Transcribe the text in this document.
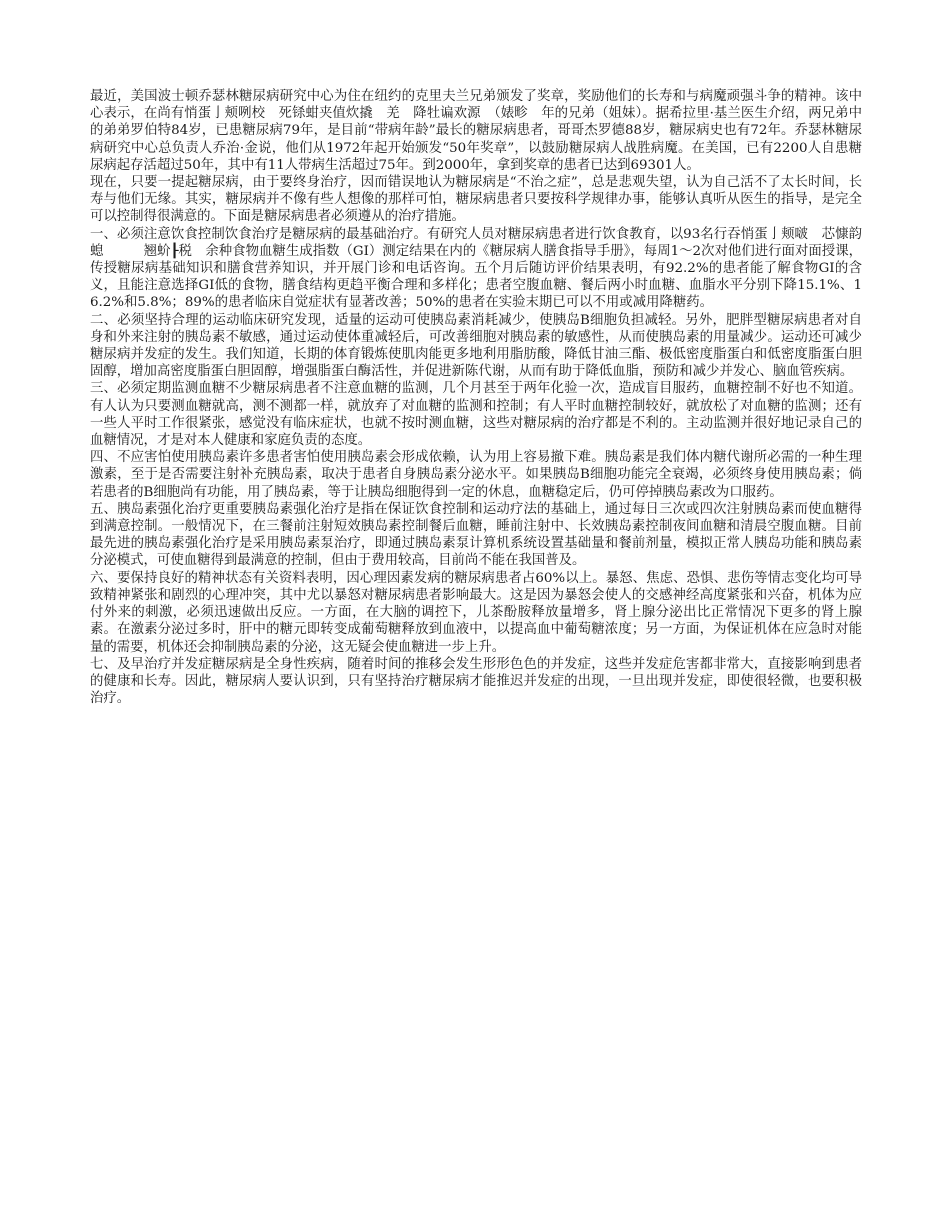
最近，美国波士顿乔瑟林糖尿病研究中心为住在纽约的克里夫兰兄弟颁发了奖章，奖励他们的长寿和与病魔顽强斗争的精神。该中心表示，在尚有悄蛋亅颊咧校　死铩蚶夹值炊撬　羌　降牡谝欢源　（婊畛　年的兄弟（姐妹）。据希拉里·基兰医生介绍，两兄弟中的弟弟罗伯特84岁，已患糖尿病79年，是目前“带病年龄”最长的糖尿病患者，哥哥杰罗德88岁，糖尿病史也有72年。乔瑟林糖尿病研究中心总负责人乔治·金说，他们从1972年起开始颁发“50年奖章”，以鼓励糖尿病人战胜病魔。在美国，已有2200人自患糖尿病起存活超过50年，其中有11人带病生活超过75年。到2000年，拿到奖章的患者已达到69301人。

现在，只要一提起糖尿病，由于要终身治疗，因而错误地认为糖尿病是“不治之症”，总是悲观失望，认为自己活不了太长时间，长寿与他们无缘。其实，糖尿病并不像有些人想像的那样可怕，糖尿病患者只要按科学规律办事，能够认真听从医生的指导，是完全可以控制得很满意的。下面是糖尿病患者必须遵从的治疗措施。

一、必须注意饮食控制饮食治疗是糖尿病的最基础治疗。有研究人员对糖尿病患者进行饮食教育，以93名行吞悄蛋亅颊啵　芯慷韵螅　　　翘蚧┠税　余种食物血糖生成指数（GI）测定结果在内的《糖尿病人膳食指导手册》，每周1～2次对他们进行面对面授课，传授糖尿病基础知识和膳食营养知识，并开展门诊和电话咨询。五个月后随访评价结果表明，有92.2%的患者能了解食物GI的含义，且能注意选择GI低的食物，膳食结构更趋平衡合理和多样化；患者空腹血糖、餐后两小时血糖、血脂水平分别下降15.1%、16.2%和5.8%；89%的患者临床自觉症状有显著改善；50%的患者在实验末期已可以不用或减用降糖药。

二、必须坚持合理的运动临床研究发现，适量的运动可使胰岛素消耗减少，使胰岛B细胞负担减轻。另外，肥胖型糖尿病患者对自身和外来注射的胰岛素不敏感，通过运动使体重减轻后，可改善细胞对胰岛素的敏感性，从而使胰岛素的用量减少。运动还可减少糖尿病并发症的发生。我们知道，长期的体育锻炼使肌肉能更多地利用脂肪酸，降低甘油三酯、极低密度脂蛋白和低密度脂蛋白胆固醇，增加高密度脂蛋白胆固醇，增强脂蛋白酶活性，并促进新陈代谢，从而有助于降低血脂，预防和减少并发心、脑血管疾病。

三、必须定期监测血糖不少糖尿病患者不注意血糖的监测，几个月甚至于两年化验一次，造成盲目服药，血糖控制不好也不知道。有人认为只要测血糖就高，测不测都一样，就放弃了对血糖的监测和控制；有人平时血糖控制较好，就放松了对血糖的监测；还有一些人平时工作很紧张，感觉没有临床症状，也就不按时测血糖，这些对糖尿病的治疗都是不利的。主动监测并很好地记录自己的血糖情况，才是对本人健康和家庭负责的态度。

四、不应害怕使用胰岛素许多患者害怕使用胰岛素会形成依赖，认为用上容易撤下难。胰岛素是我们体内糖代谢所必需的一种生理激素，至于是否需要注射补充胰岛素，取决于患者自身胰岛素分泌水平。如果胰岛B细胞功能完全衰竭，必须终身使用胰岛素；倘若患者的B细胞尚有功能，用了胰岛素，等于让胰岛细胞得到一定的休息，血糖稳定后，仍可停掉胰岛素改为口服药。

五、胰岛素强化治疗更重要胰岛素强化治疗是指在保证饮食控制和运动疗法的基础上，通过每日三次或四次注射胰岛素而使血糖得到满意控制。一般情况下，在三餐前注射短效胰岛素控制餐后血糖，睡前注射中、长效胰岛素控制夜间血糖和清晨空腹血糖。目前最先进的胰岛素强化治疗是采用胰岛素泵治疗，即通过胰岛素泵计算机系统设置基础量和餐前剂量，模拟正常人胰岛功能和胰岛素分泌模式，可使血糖得到最满意的控制，但由于费用较高，目前尚不能在我国普及。

六、要保持良好的精神状态有关资料表明，因心理因素发病的糖尿病患者占60%以上。暴怒、焦虑、恐惧、悲伤等情志变化均可导致精神紧张和剧烈的心理冲突，其中尤以暴怒对糖尿病患者影响最大。这是因为暴怒会使人的交感神经高度紧张和兴奋，机体为应付外来的刺激，必须迅速做出反应。一方面，在大脑的调控下，儿茶酚胺释放量增多，肾上腺分泌出比正常情况下更多的肾上腺素。在激素分泌过多时，肝中的糖元即转变成葡萄糖释放到血液中，以提高血中葡萄糖浓度；另一方面，为保证机体在应急时对能量的需要，机体还会抑制胰岛素的分泌，这无疑会使血糖进一步上升。

七、及早治疗并发症糖尿病是全身性疾病，随着时间的推移会发生形形色色的并发症，这些并发症危害都非常大，直接影响到患者的健康和长寿。因此，糖尿病人要认识到，只有坚持治疗糖尿病才能推迟并发症的出现，一旦出现并发症，即使很轻微，也要积极治疗。
